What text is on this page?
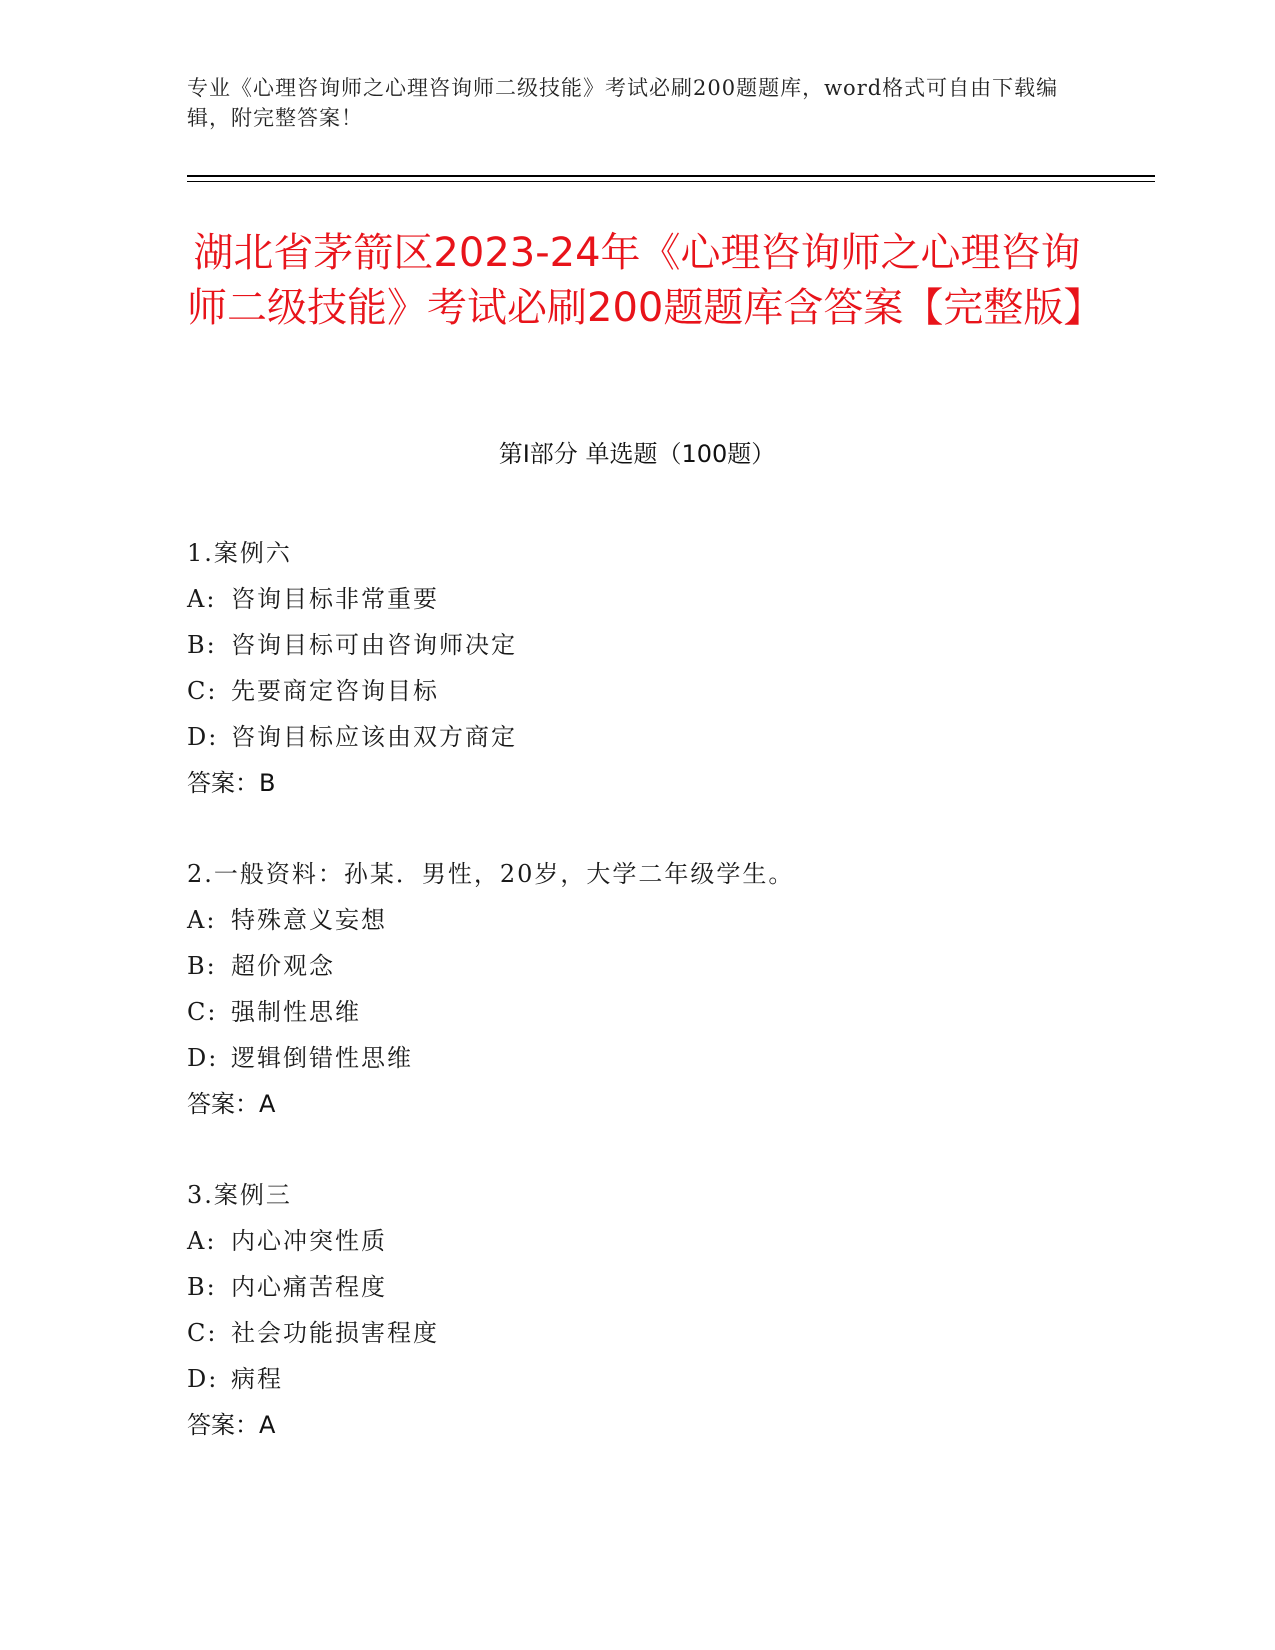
专业《心理咨询师之心理咨询师二级技能》考试必刷200题题库，word格式可自由下载编辑，附完整答案！
湖北省茅箭区2023-24年《心理咨询师之心理咨询师二级技能》考试必刷200题题库含答案【完整版】
第Ⅰ部分 单选题（100题）
1.案例六
A: 咨询目标非常重要
B: 咨询目标可由咨询师决定
C: 先要商定咨询目标
D: 咨询目标应该由双方商定
答案：B
2.一般资料：孙某．男性，20岁，大学二年级学生。
A: 特殊意义妄想
B: 超价观念
C: 强制性思维
D: 逻辑倒错性思维
答案：A
3.案例三
A: 内心冲突性质
B: 内心痛苦程度
C: 社会功能损害程度
D: 病程
答案：A
